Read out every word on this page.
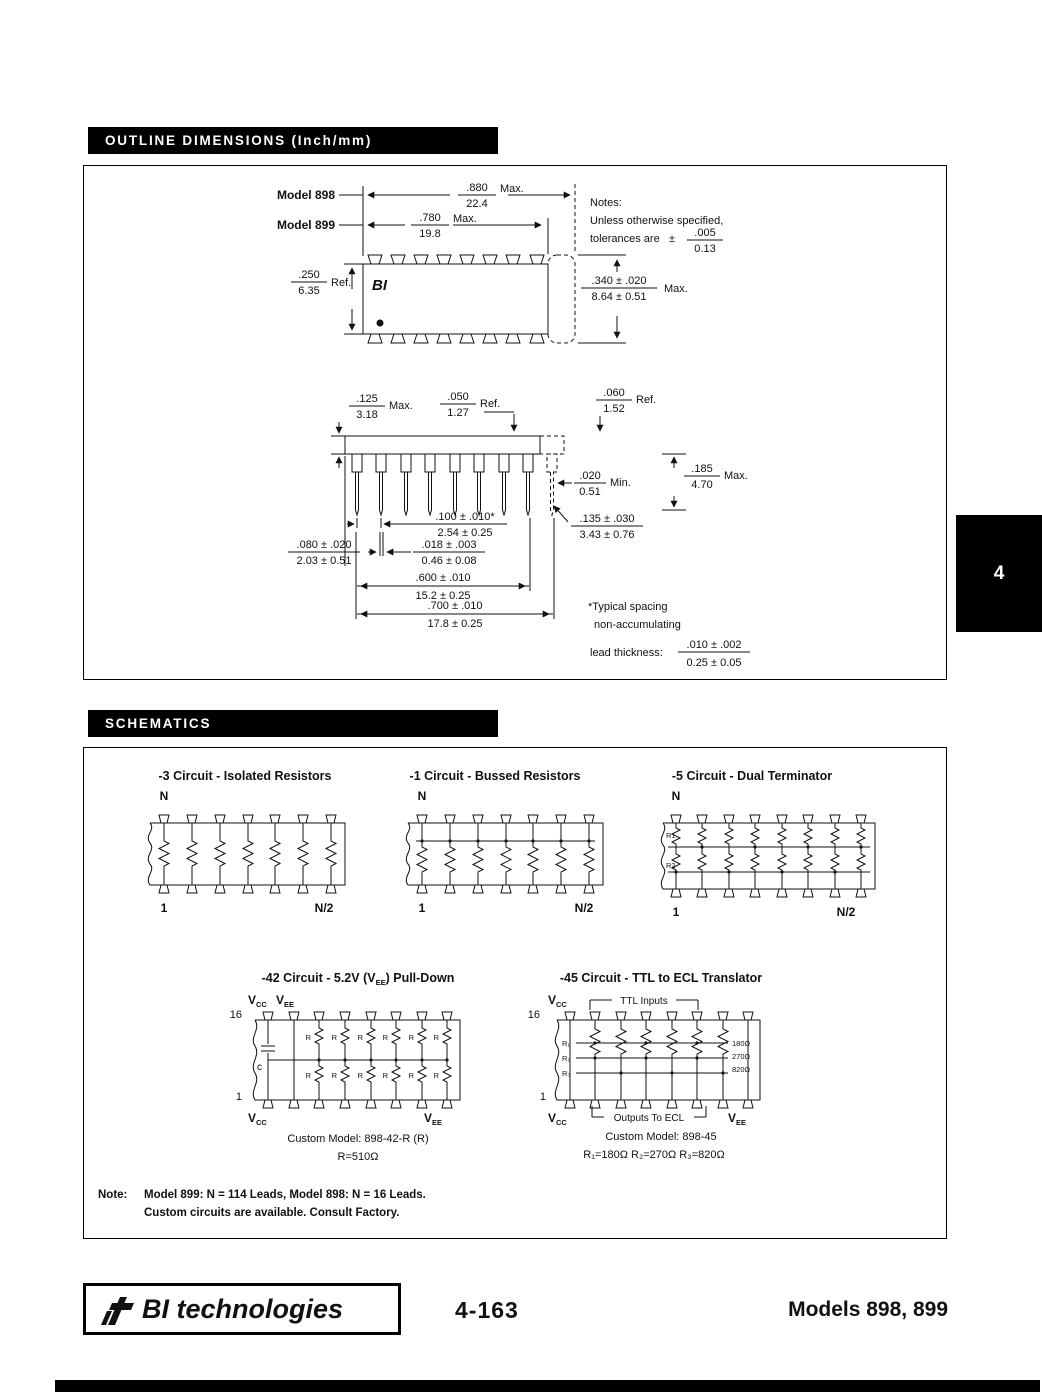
OUTLINE DIMENSIONS (Inch/mm)
BI
Model 898
Model 899
.880
22.4
Max.
.780
19.8
Max.
Notes:
Unless otherwise specified,
tolerances are ± .005
0.13
.250
6.35
Ref.	.340 ± .020
8.64 ± 0.51
Max.
.125
3.18
Max.
.050
1.27
Ref.
.060
1.52
Ref.
.020
0.51
Min.
.185
4.70
Max.
.100 ± .010*
2.54 ± 0.25
.018 ± .003
0.46 ± 0.08
.080 ± .020
2.03 ± 0.51
.600 ± .010
15.2 ± 0.25
.700 ± .010
17.8 ± 0.25
.135 ± .030
3.43 ± 0.76
*Typical spacing
non-accumulating
lead thickness:
.010 ± .002
0.25 ± 0.05
4
SCHEMATICS
-3 Circuit - Isolated Resistors
N
1	N/2
-1 Circuit - Bussed Resistors
N
1	N/2
-5 Circuit - Dual Terminator
N
R1
R2
1	N/2
-42 Circuit - 5.2V $(V_{EE})$ Pull-Down
$V_{CC}$ $V_{EE}$
16
R	R	R	R	R	R
R	R	R	R	R	R
c
1
$V_{CC}$	$V_{EE}$
Custom Model: 898-42-R (R)
R=510Ω
-45 Circuit - TTL to ECL Translator
$V_{CC}$	TTL Inputs
16
R₁
R₂
R₃
180Ω
270Ω
820Ω
1
$V_{CC}$	Outputs To ECL	$V_{EE}$
Custom Model: 898-45
R₁=180Ω R₂=270Ω R₃=820Ω
Note: Model 899: N = 114 Leads, Model 898: N = 16 Leads.
Custom circuits are available. Consult Factory.
BI technologies	4-163	Models 898, 899
